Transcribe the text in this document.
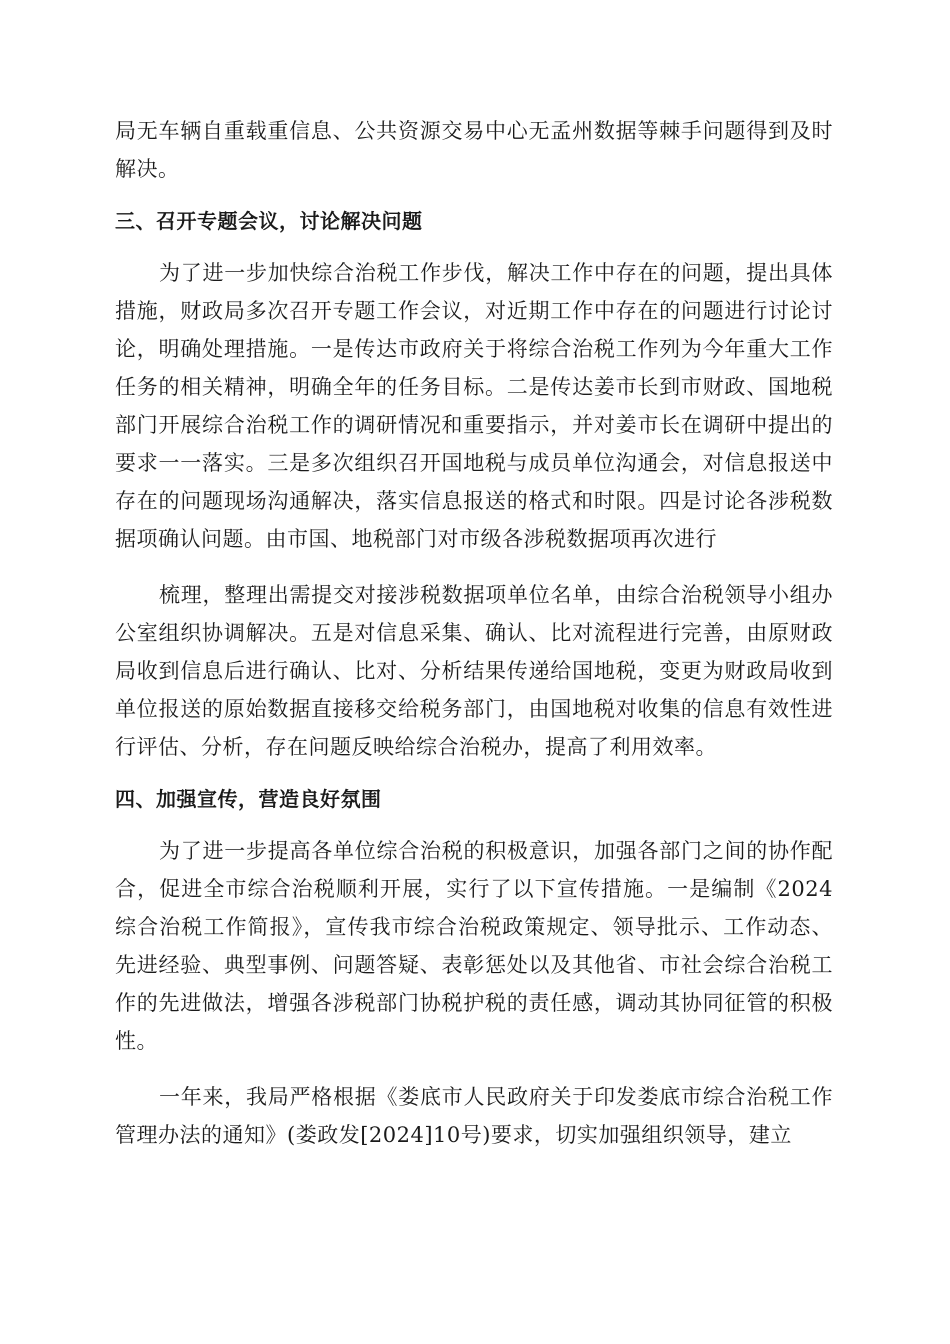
局无车辆自重载重信息、公共资源交易中心无孟州数据等棘手问题得到及时解决。

三、召开专题会议，讨论解决问题

为了进一步加快综合治税工作步伐，解决工作中存在的问题，提出具体措施，财政局多次召开专题工作会议，对近期工作中存在的问题进行讨论讨论，明确处理措施。一是传达市政府关于将综合治税工作列为今年重大工作任务的相关精神，明确全年的任务目标。二是传达姜市长到市财政、国地税部门开展综合治税工作的调研情况和重要指示，并对姜市长在调研中提出的要求一一落实。三是多次组织召开国地税与成员单位沟通会，对信息报送中存在的问题现场沟通解决，落实信息报送的格式和时限。四是讨论各涉税数据项确认问题。由市国、地税部门对市级各涉税数据项再次进行

梳理，整理出需提交对接涉税数据项单位名单，由综合治税领导小组办公室组织协调解决。五是对信息采集、确认、比对流程进行完善，由原财政局收到信息后进行确认、比对、分析结果传递给国地税，变更为财政局收到单位报送的原始数据直接移交给税务部门，由国地税对收集的信息有效性进行评估、分析，存在问题反映给综合治税办，提高了利用效率。

四、加强宣传，营造良好氛围

为了进一步提高各单位综合治税的积极意识，加强各部门之间的协作配合，促进全市综合治税顺利开展，实行了以下宣传措施。一是编制《2024综合治税工作简报》，宣传我市综合治税政策规定、领导批示、工作动态、先进经验、典型事例、问题答疑、表彰惩处以及其他省、市社会综合治税工作的先进做法，增强各涉税部门协税护税的责任感，调动其协同征管的积极性。

一年来，我局严格根据《娄底市人民政府关于印发娄底市综合治税工作管理办法的通知》(娄政发[2024]10号)要求，切实加强组织领导，建立
